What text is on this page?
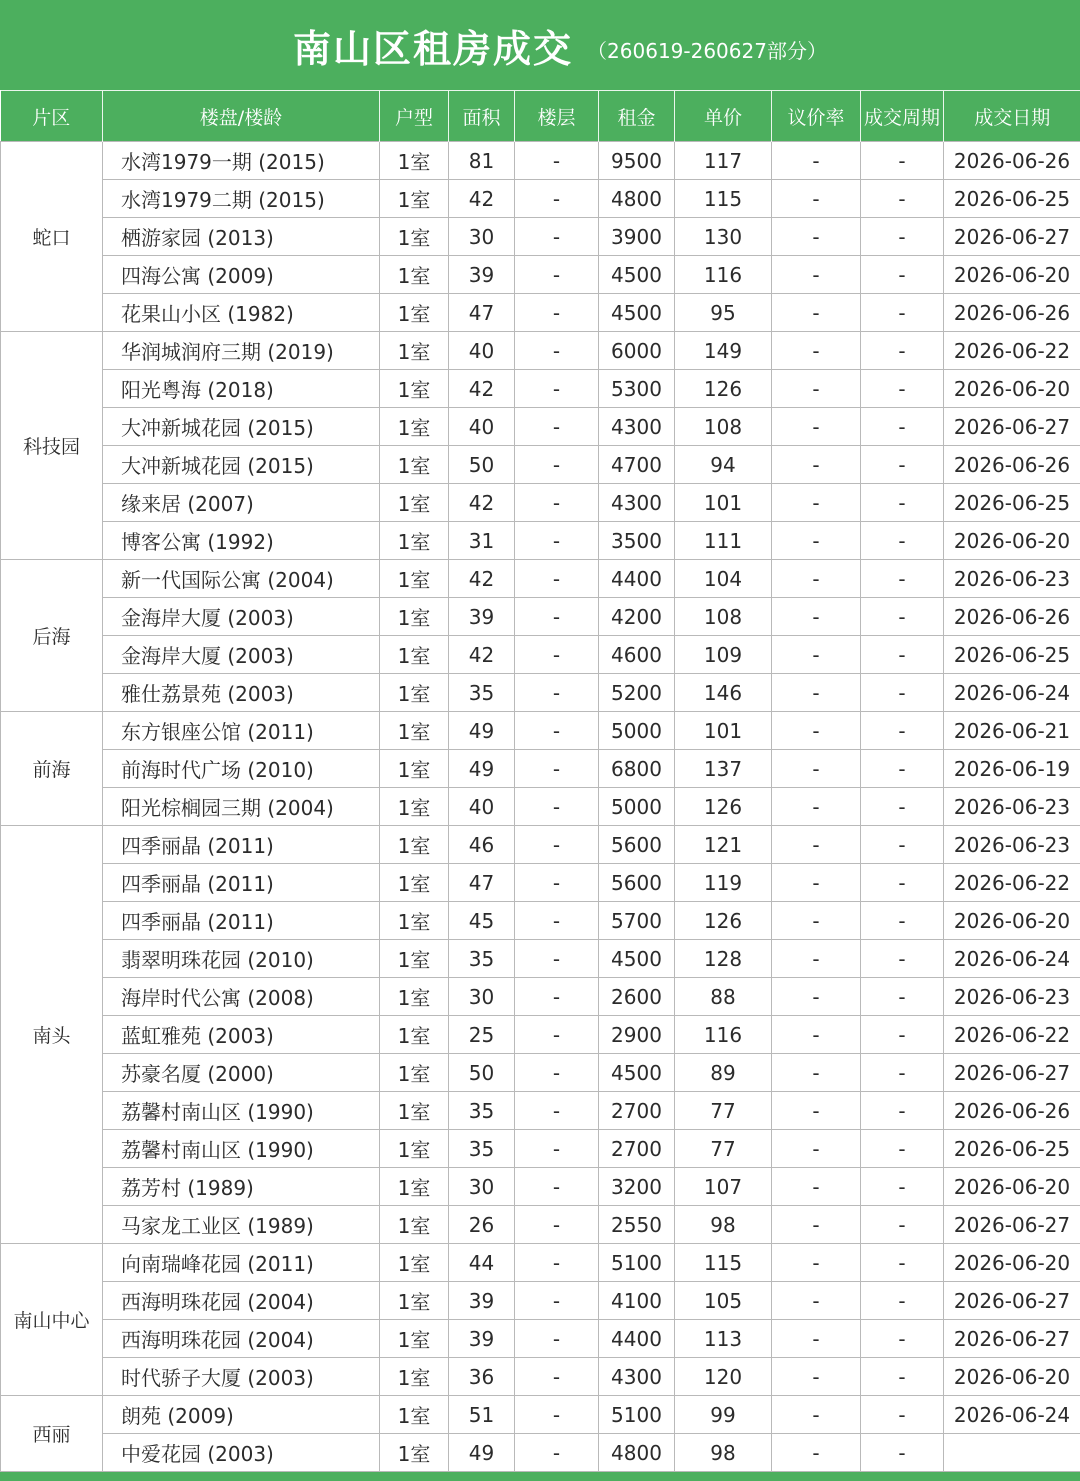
南山区租房成交 （260619-260627部分）
片区	楼盘/楼龄	户型	面积	楼层	租金	单价	议价率	成交周期	成交日期
蛇口	水湾1979一期 (2015)	1室	81	-	9500	117	-	-	2026-06-26
	水湾1979二期 (2015)	1室	42	-	4800	115	-	-	2026-06-25
	栖游家园 (2013)	1室	30	-	3900	130	-	-	2026-06-27
	四海公寓 (2009)	1室	39	-	4500	116	-	-	2026-06-20
	花果山小区 (1982)	1室	47	-	4500	95	-	-	2026-06-26
科技园	华润城润府三期 (2019)	1室	40	-	6000	149	-	-	2026-06-22
	阳光粤海 (2018)	1室	42	-	5300	126	-	-	2026-06-20
	大冲新城花园 (2015)	1室	40	-	4300	108	-	-	2026-06-27
	大冲新城花园 (2015)	1室	50	-	4700	94	-	-	2026-06-26
	缘来居 (2007)	1室	42	-	4300	101	-	-	2026-06-25
	博客公寓 (1992)	1室	31	-	3500	111	-	-	2026-06-20
后海	新一代国际公寓 (2004)	1室	42	-	4400	104	-	-	2026-06-23
	金海岸大厦 (2003)	1室	39	-	4200	108	-	-	2026-06-26
	金海岸大厦 (2003)	1室	42	-	4600	109	-	-	2026-06-25
	雅仕荔景苑 (2003)	1室	35	-	5200	146	-	-	2026-06-24
前海	东方银座公馆 (2011)	1室	49	-	5000	101	-	-	2026-06-21
	前海时代广场 (2010)	1室	49	-	6800	137	-	-	2026-06-19
	阳光棕榈园三期 (2004)	1室	40	-	5000	126	-	-	2026-06-23
南头	四季丽晶 (2011)	1室	46	-	5600	121	-	-	2026-06-23
	四季丽晶 (2011)	1室	47	-	5600	119	-	-	2026-06-22
	四季丽晶 (2011)	1室	45	-	5700	126	-	-	2026-06-20
	翡翠明珠花园 (2010)	1室	35	-	4500	128	-	-	2026-06-24
	海岸时代公寓 (2008)	1室	30	-	2600	88	-	-	2026-06-23
	蓝虹雅苑 (2003)	1室	25	-	2900	116	-	-	2026-06-22
	苏豪名厦 (2000)	1室	50	-	4500	89	-	-	2026-06-27
	荔馨村南山区 (1990)	1室	35	-	2700	77	-	-	2026-06-26
	荔馨村南山区 (1990)	1室	35	-	2700	77	-	-	2026-06-25
	荔芳村 (1989)	1室	30	-	3200	107	-	-	2026-06-20
	马家龙工业区 (1989)	1室	26	-	2550	98	-	-	2026-06-27
南山中心	向南瑞峰花园 (2011)	1室	44	-	5100	115	-	-	2026-06-20
	西海明珠花园 (2004)	1室	39	-	4100	105	-	-	2026-06-27
	西海明珠花园 (2004)	1室	39	-	4400	113	-	-	2026-06-27
	时代骄子大厦 (2003)	1室	36	-	4300	120	-	-	2026-06-20
西丽	朗苑 (2009)	1室	51	-	5100	99	-	-	2026-06-24
	中爱花园 (2003)	1室	49	-	4800	98	-	-	
